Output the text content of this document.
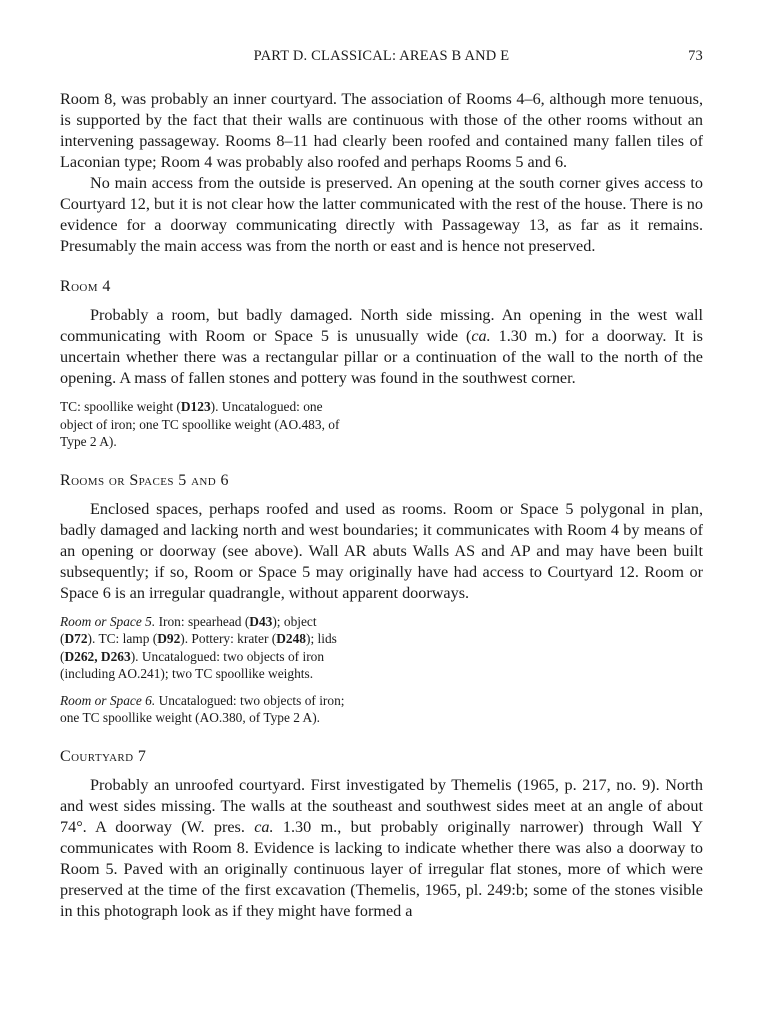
PART D. CLASSICAL: AREAS B AND E	73

Room 8, was probably an inner courtyard. The association of Rooms 4–6, although more tenuous, is supported by the fact that their walls are continuous with those of the other rooms without an intervening passageway. Rooms 8–11 had clearly been roofed and contained many fallen tiles of Laconian type; Room 4 was probably also roofed and perhaps Rooms 5 and 6.

No main access from the outside is preserved. An opening at the south corner gives access to Courtyard 12, but it is not clear how the latter communicated with the rest of the house. There is no evidence for a doorway communicating directly with Passageway 13, as far as it remains. Presumably the main access was from the north or east and is hence not preserved.

Room 4

Probably a room, but badly damaged. North side missing. An opening in the west wall communicating with Room or Space 5 is unusually wide (ca. 1.30 m.) for a doorway. It is uncertain whether there was a rectangular pillar or a continuation of the wall to the north of the opening. A mass of fallen stones and pottery was found in the southwest corner.

TC: spoollike weight (D123). Uncatalogued: one object of iron; one TC spoollike weight (AO.483, of Type 2 A).
Rooms or Spaces 5 and 6

Enclosed spaces, perhaps roofed and used as rooms. Room or Space 5 polygonal in plan, badly damaged and lacking north and west boundaries; it communicates with Room 4 by means of an opening or doorway (see above). Wall AR abuts Walls AS and AP and may have been built subsequently; if so, Room or Space 5 may originally have had access to Courtyard 12. Room or Space 6 is an irregular quadrangle, without apparent doorways.

Room or Space 5. Iron: spearhead (D43); object (D72). TC: lamp (D92). Pottery: krater (D248); lids (D262, D263). Uncatalogued: two objects of iron (including AO.241); two TC spoollike weights.
Room or Space 6. Uncatalogued: two objects of iron; one TC spoollike weight (AO.380, of Type 2 A).
Courtyard 7

Probably an unroofed courtyard. First investigated by Themelis (1965, p. 217, no. 9). North and west sides missing. The walls at the southeast and southwest sides meet at an angle of about 74°. A doorway (W. pres. ca. 1.30 m., but probably originally narrower) through Wall Y communicates with Room 8. Evidence is lacking to indicate whether there was also a doorway to Room 5. Paved with an originally continuous layer of irregular flat stones, more of which were preserved at the time of the first excavation (Themelis, 1965, pl. 249:b; some of the stones visible in this photograph look as if they might have formed a
